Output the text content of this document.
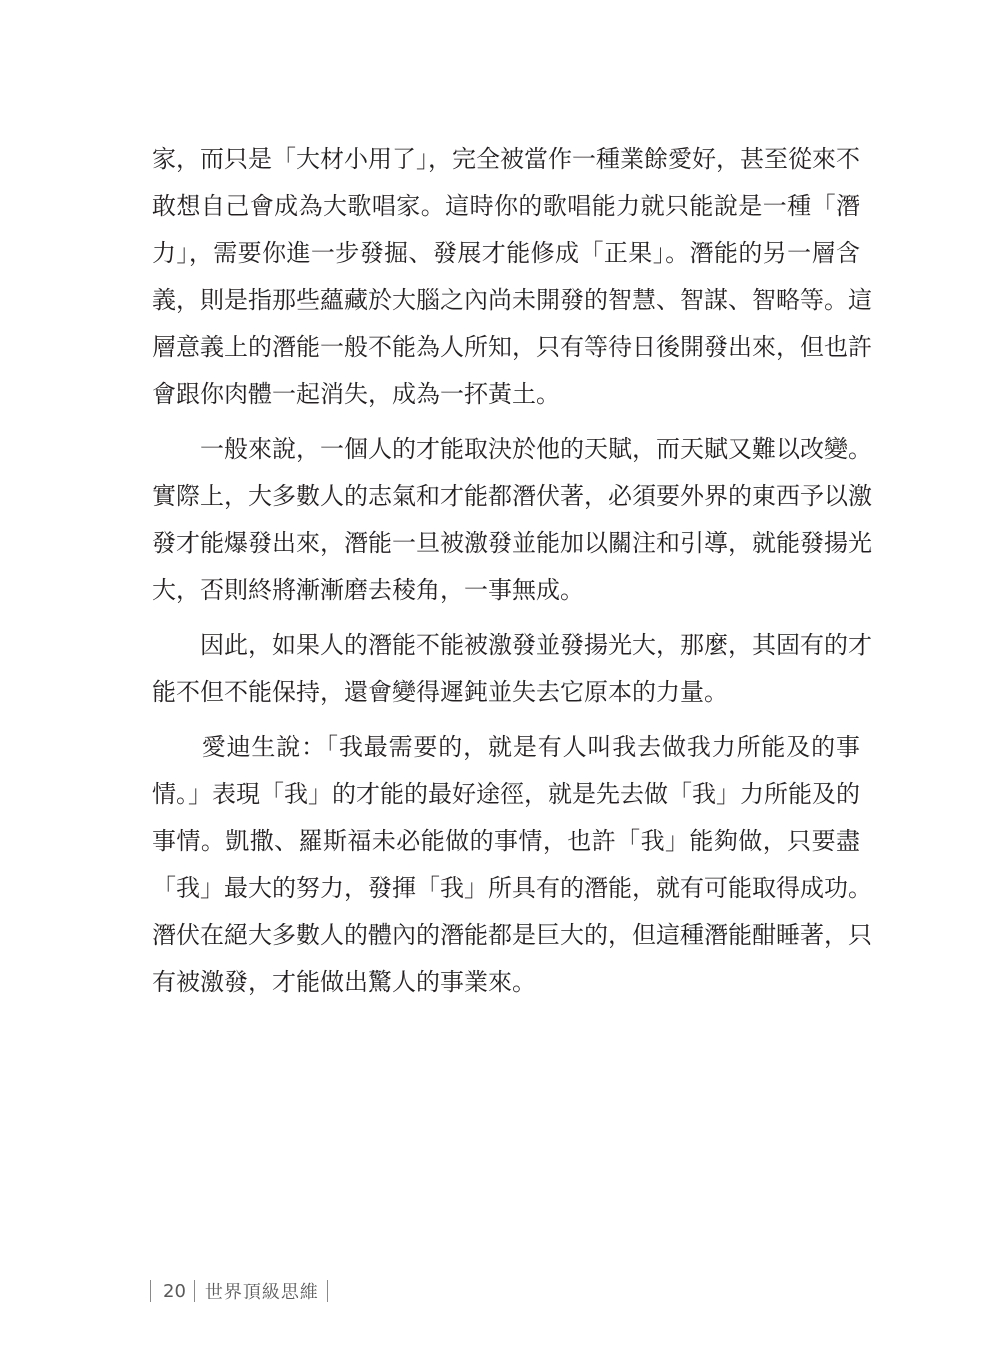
家，而只是「大材小用了」，完全被當作一種業餘愛好，甚至從來不
敢想自己會成為大歌唱家。這時你的歌唱能力就只能說是一種「潛
力」，需要你進一步發掘、發展才能修成「正果」。潛能的另一層含
義，則是指那些蘊藏於大腦之內尚未開發的智慧、智謀、智略等。這
層意義上的潛能一般不能為人所知，只有等待日後開發出來，但也許
會跟你肉體一起消失，成為一抔黃土。
　　一般來說，一個人的才能取決於他的天賦，而天賦又難以改變。
實際上，大多數人的志氣和才能都潛伏著，必須要外界的東西予以激
發才能爆發出來，潛能一旦被激發並能加以關注和引導，就能發揚光
大，否則終將漸漸磨去稜角，一事無成。
　　因此，如果人的潛能不能被激發並發揚光大，那麼，其固有的才
能不但不能保持，還會變得遲鈍並失去它原本的力量。
　　愛迪生說：「我最需要的，就是有人叫我去做我力所能及的事
情。」表現「我」的才能的最好途徑，就是先去做「我」力所能及的
事情。凱撒、羅斯福未必能做的事情，也許「我」能夠做，只要盡
「我」最大的努力，發揮「我」所具有的潛能，就有可能取得成功。
潛伏在絕大多數人的體內的潛能都是巨大的，但這種潛能酣睡著，只
有被激發，才能做出驚人的事業來。
20	世界頂級思維
